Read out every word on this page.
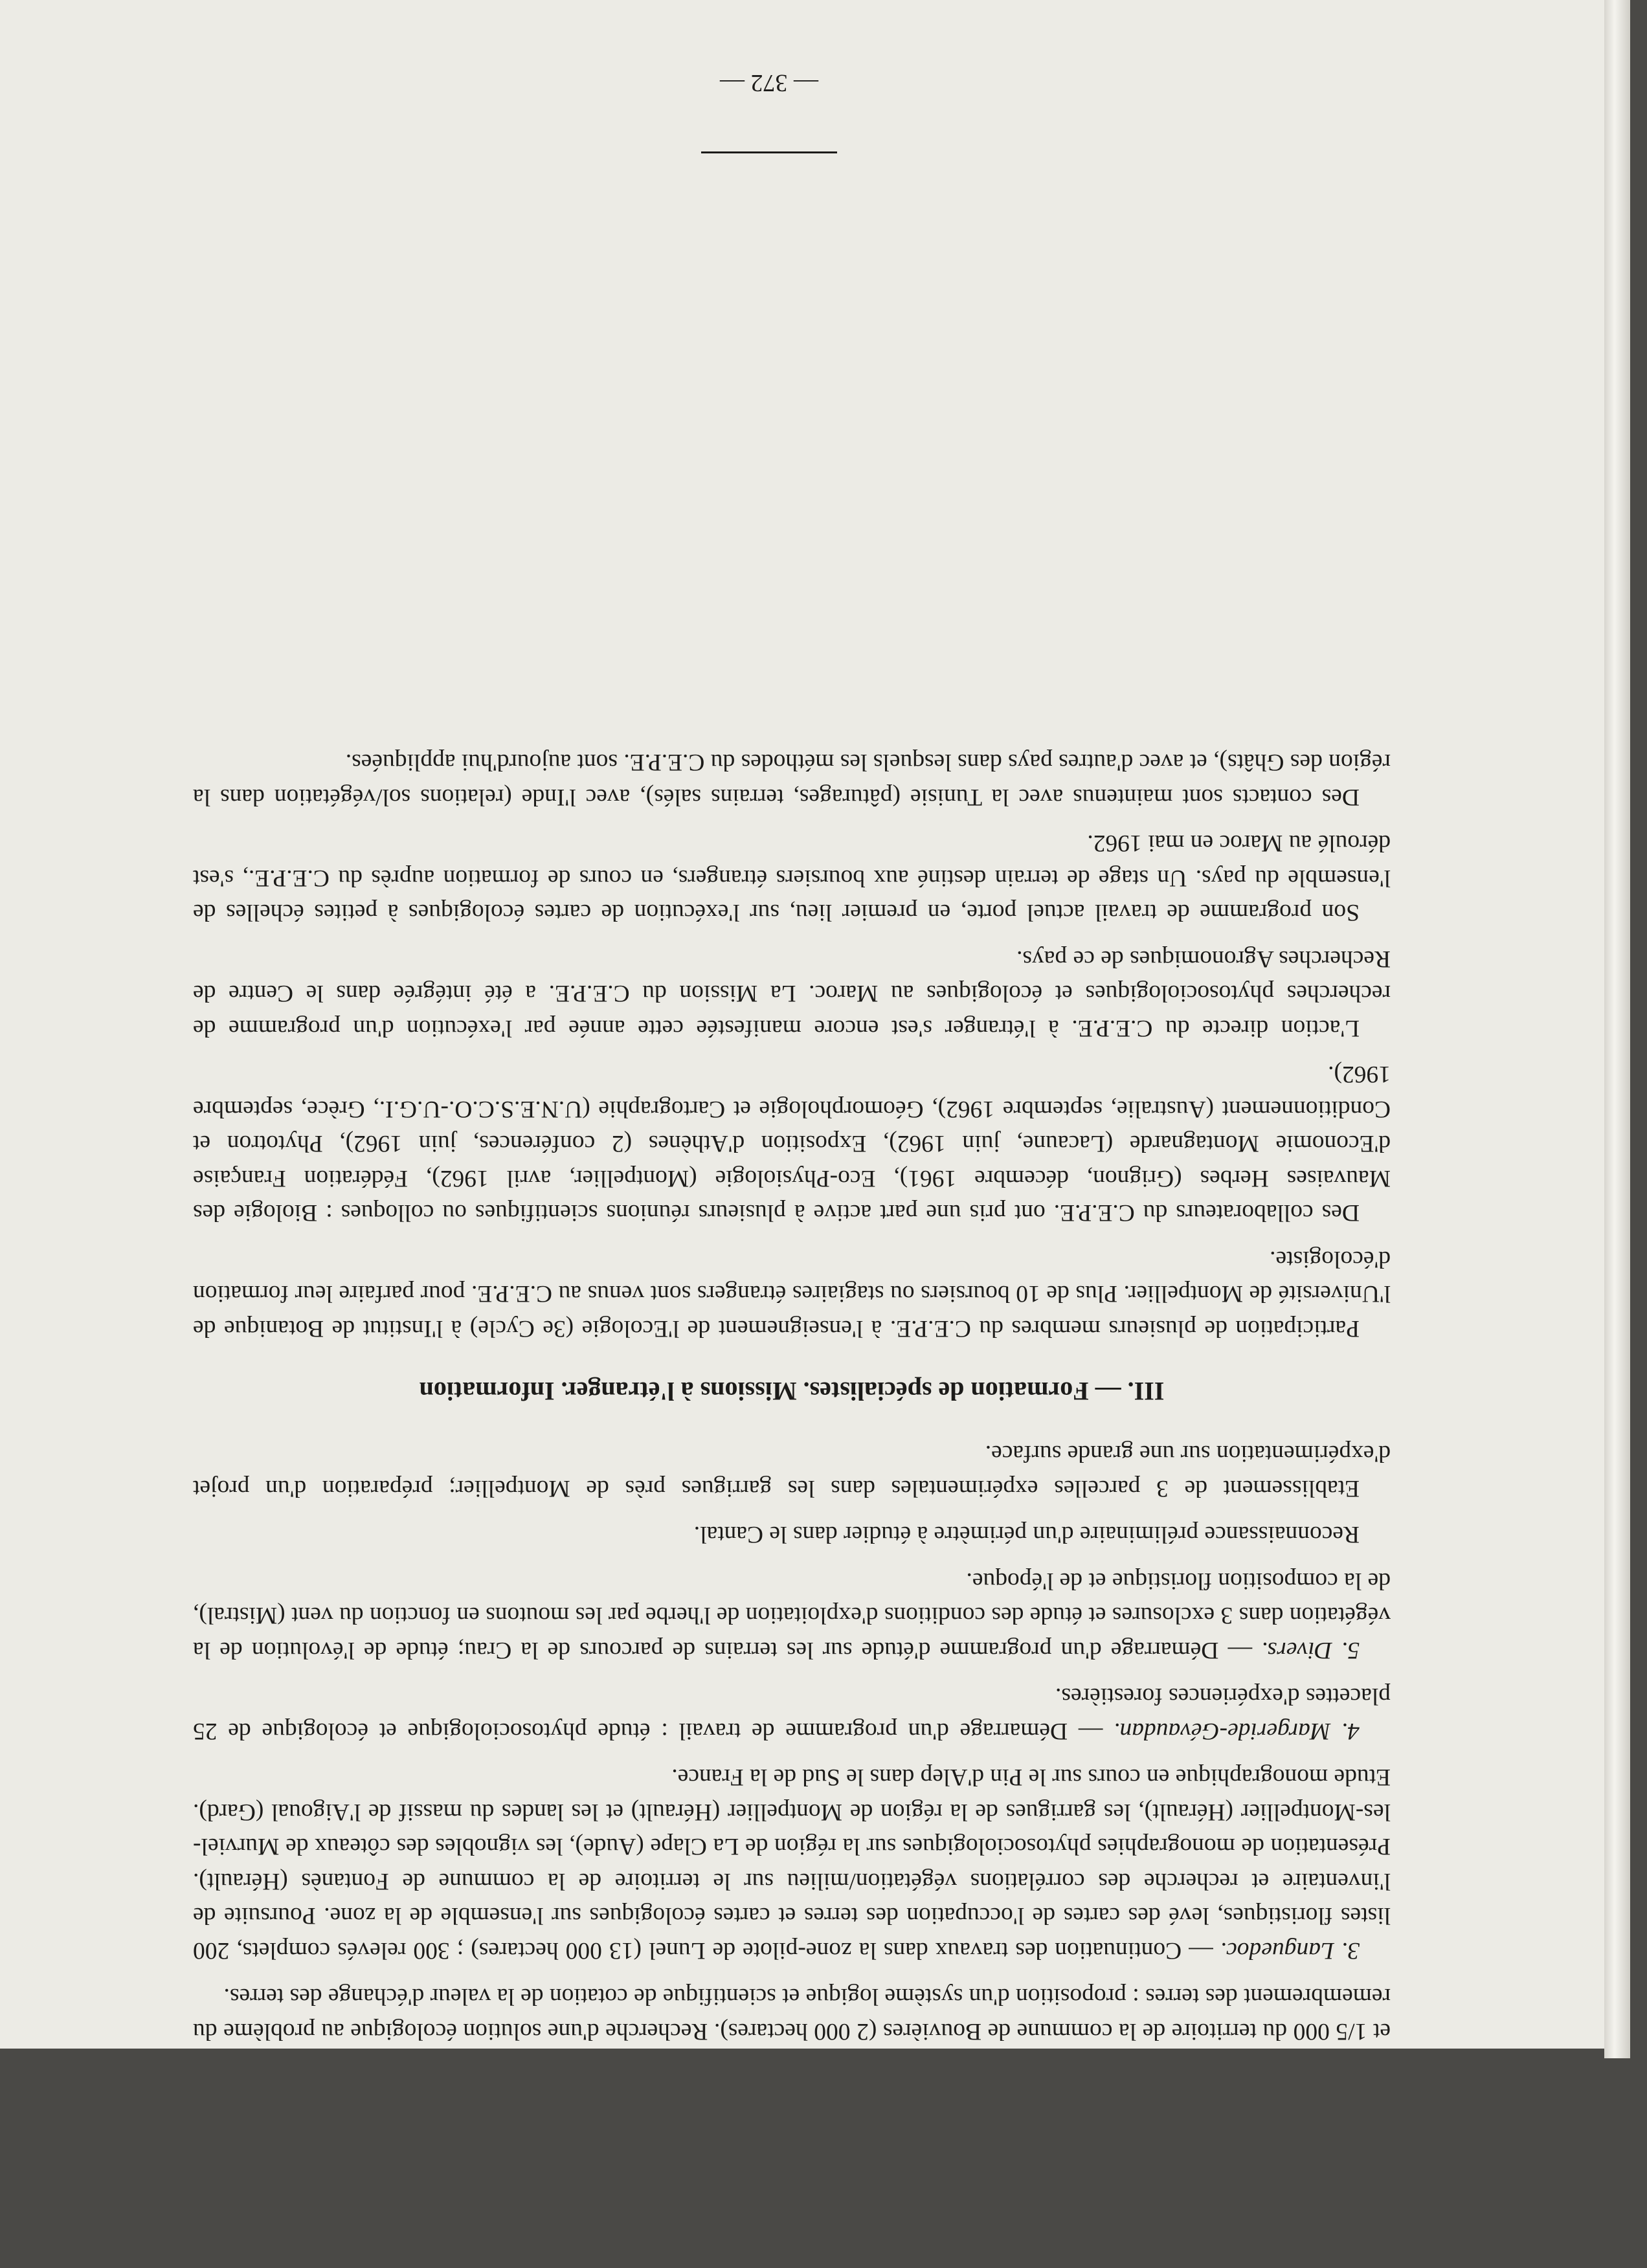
et 1/5 000 du territoire de la commune de Bouvières (2 000 hectares). Recherche d'une solution écologique au problème du remembrement des terres : proposition d'un système logique et scientifique de cotation de la valeur d'échange des terres.

3. Languedoc. — Continuation des travaux dans la zone-pilote de Lunel (13 000 hectares) ; 300 relevés complets, 200 listes floristiques, levé des cartes de l'occupation des terres et cartes écologiques sur l'ensemble de la zone. Poursuite de l'inventaire et recherche des corrélations végétation/milieu sur le territoire de la commune de Fontanès (Hérault). Présentation de monographies phytosociologiques sur la région de La Clape (Aude), les vignobles des côteaux de Murviel-les-Montpellier (Hérault), les garrigues de la région de Montpellier (Hérault) et les landes du massif de l'Aigoual (Gard). Etude monographique en cours sur le Pin d'Alep dans le Sud de la France.

4. Margeride-Gévaudan. — Démarrage d'un programme de travail : étude phytosociologique et écologique de 25 placettes d'expériences forestières.

5. Divers. — Démarrage d'un programme d'étude sur les terrains de parcours de la Crau; étude de l'évolution de la végétation dans 3 exclosures et étude des conditions d'exploitation de l'herbe par les moutons en fonction du vent (Mistral), de la composition floristique et de l'époque.

Reconnaissance préliminaire d'un périmètre à étudier dans le Cantal.

Etablissement de 3 parcelles expérimentales dans les garrigues près de Montpellier; préparation d'un projet d'expérimentation sur une grande surface.

III. — Formation de spécialistes. Missions à l'étranger. Information

Participation de plusieurs membres du C.E.P.E. à l'enseignement de l'Ecologie (3e Cycle) à l'Institut de Botanique de l'Université de Montpellier. Plus de 10 boursiers ou stagiaires étrangers sont venus au C.E.P.E. pour parfaire leur formation d'écologiste.

Des collaborateurs du C.E.P.E. ont pris une part active à plusieurs réunions scientifiques ou colloques : Biologie des Mauvaises Herbes (Grignon, décembre 1961), Eco-Physiologie (Montpellier, avril 1962), Fédération Française d'Economie Montagnarde (Lacaune, juin 1962), Exposition d'Athènes (2 conférences, juin 1962), Phytotron et Conditionnement (Australie, septembre 1962), Géomorphologie et Cartographie (U.N.E.S.C.O.-U.G.I., Grèce, septembre 1962).

L'action directe du C.E.P.E. à l'étranger s'est encore manifestée cette année par l'exécution d'un programme de recherches phytosociologiques et écologiques au Maroc. La Mission du C.E.P.E. a été intégrée dans le Centre de Recherches Agronomiques de ce pays.

Son programme de travail actuel porte, en premier lieu, sur l'exécution de cartes écologiques à petites échelles de l'ensemble du pays. Un stage de terrain destiné aux boursiers étrangers, en cours de formation auprès du C.E.P.E., s'est déroulé au Maroc en mai 1962.

Des contacts sont maintenus avec la Tunisie (pâturages, terrains salés), avec l'Inde (relations sol/végétation dans la région des Ghâts), et avec d'autres pays dans lesquels les méthodes du C.E.P.E. sont aujourd'hui appliquées.

— 372 —
